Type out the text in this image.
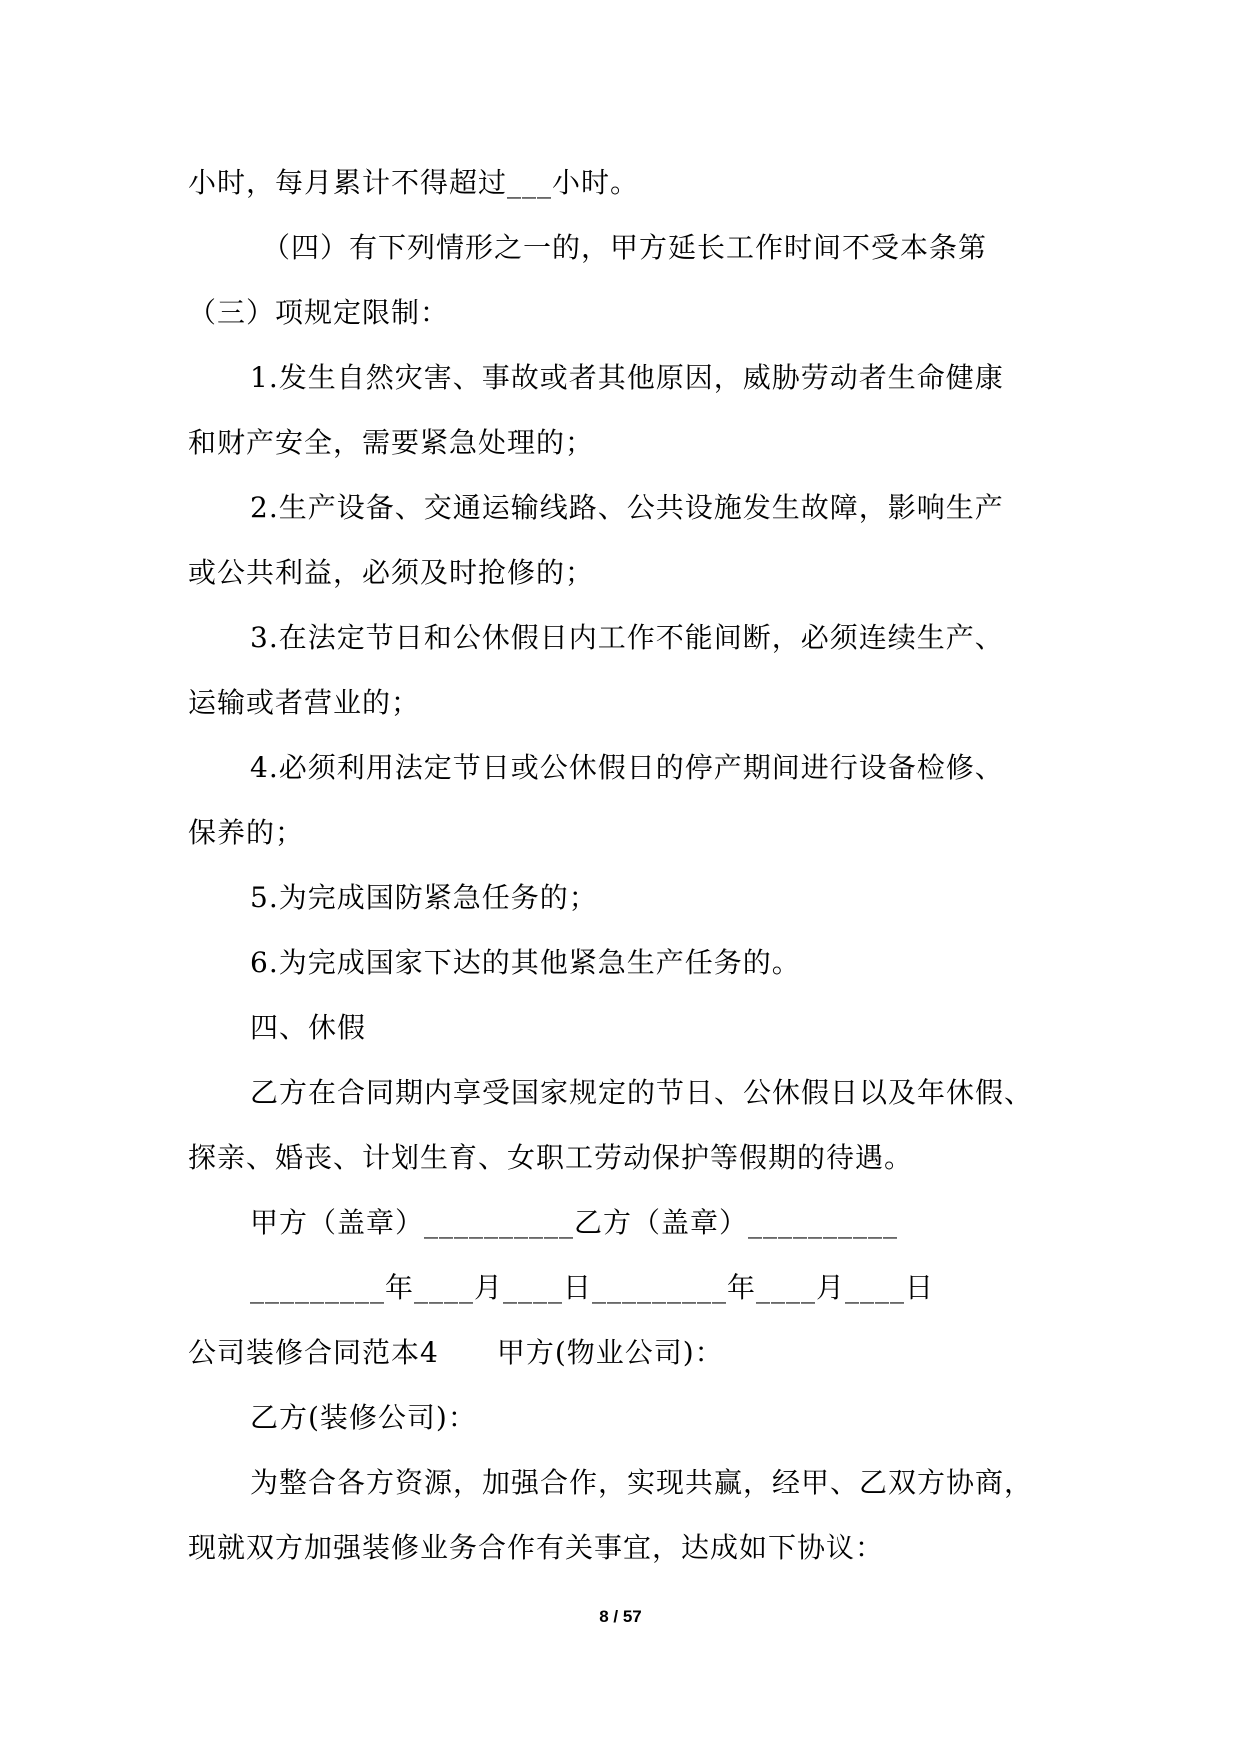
小时，每月累计不得超过___小时。
（四）有下列情形之一的，甲方延长工作时间不受本条第
（三）项规定限制：
1.发生自然灾害、事故或者其他原因，威胁劳动者生命健康
和财产安全，需要紧急处理的；
2.生产设备、交通运输线路、公共设施发生故障，影响生产
或公共利益，必须及时抢修的；
3.在法定节日和公休假日内工作不能间断，必须连续生产、
运输或者营业的；
4.必须利用法定节日或公休假日的停产期间进行设备检修、
保养的；
5.为完成国防紧急任务的；
6.为完成国家下达的其他紧急生产任务的。
四、休假
乙方在合同期内享受国家规定的节日、公休假日以及年休假、
探亲、婚丧、计划生育、女职工劳动保护等假期的待遇。
甲方（盖章）__________乙方（盖章）__________
_________年____月____日_________年____月____日
公司装修合同范本4　　甲方(物业公司)：
乙方(装修公司)：
为整合各方资源，加强合作，实现共赢，经甲、乙双方协商，
现就双方加强装修业务合作有关事宜，达成如下协议：
8 / 57
